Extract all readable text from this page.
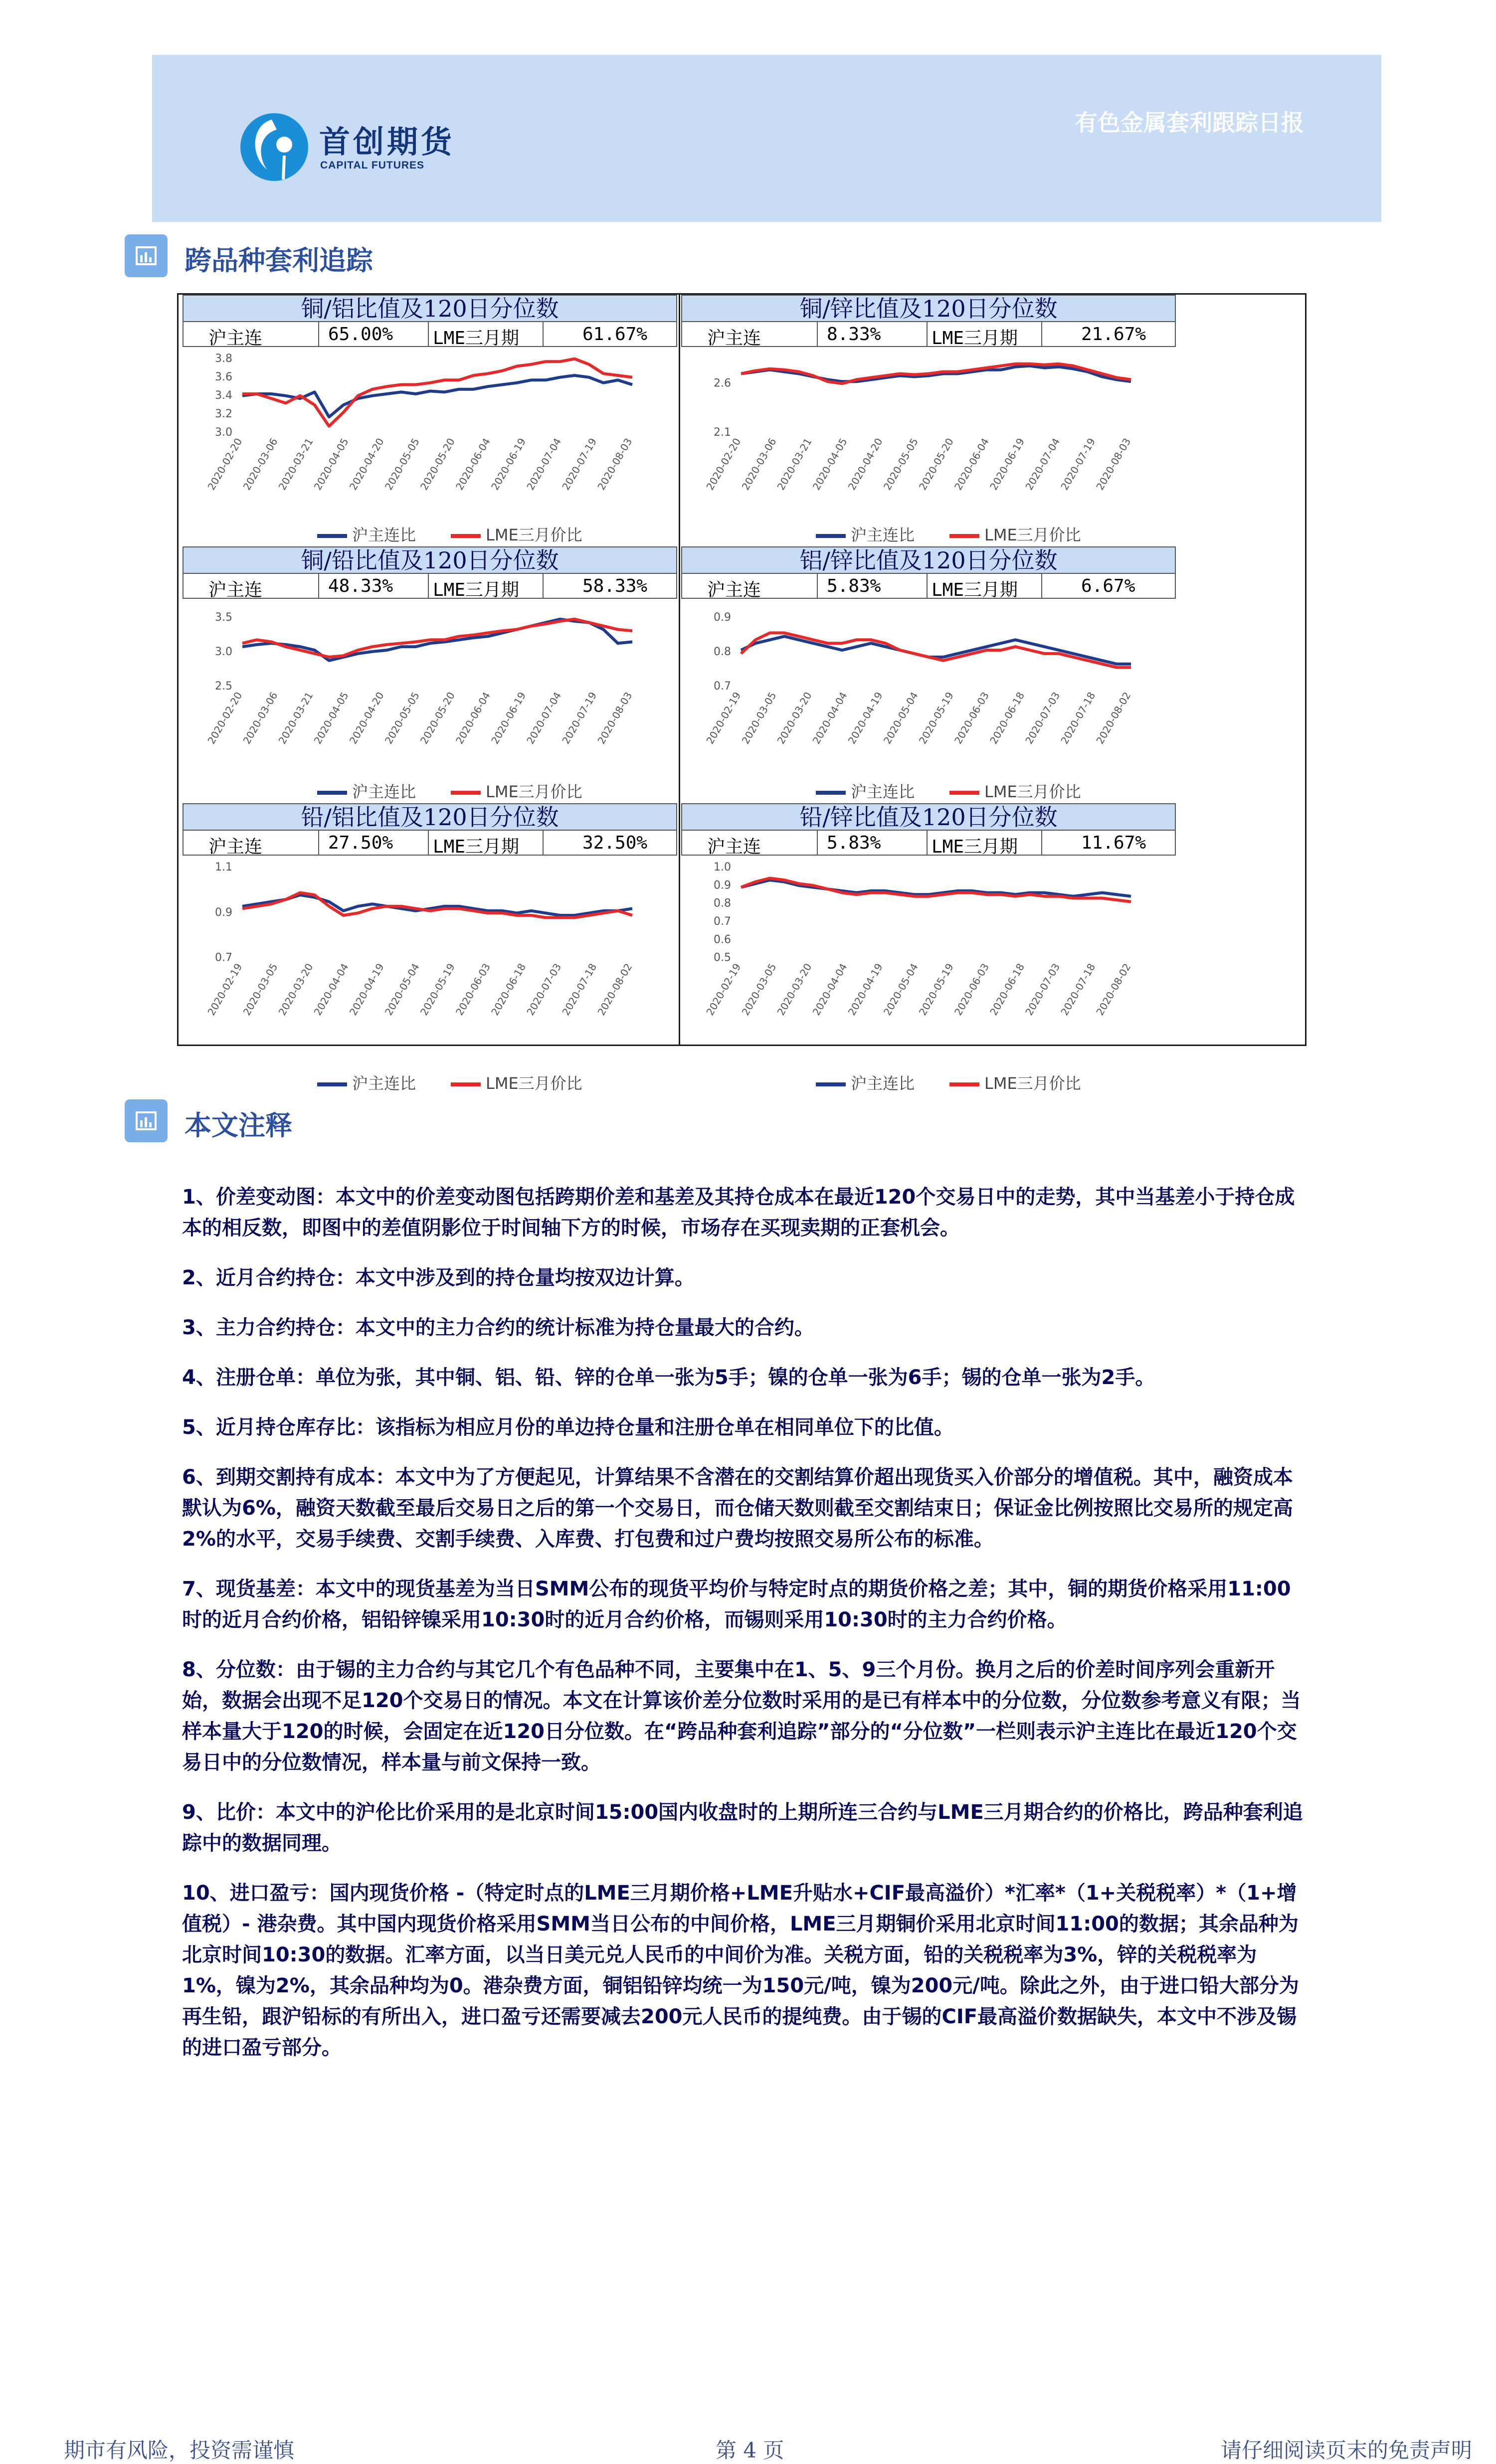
首创期货
CAPITAL FUTURES
有色金属套利跟踪日报
跨品种套利追踪
铜/铝比值及120日分位数
沪主连	65.00% LME三月期	61.67%
3.8
3.6
3.4
3.2
3.0
2020-02-20
2020-03-06
2020-03-21
2020-04-05
2020-04-20
2020-05-05
2020-05-20
2020-06-04
2020-06-19
2020-07-04
2020-07-19
2020-08-03
沪主连比	LME三月价比
铜/锌比值及120日分位数
沪主连	8.33%	LME三月期	21.67%
2.6
2.1
2020-02-20
2020-03-06
2020-03-21
2020-04-05
2020-04-20
2020-05-05
2020-05-20
2020-06-04
2020-06-19
2020-07-04
2020-07-19
2020-08-03
沪主连比	LME三月价比
铜/铅比值及120日分位数
沪主连	48.33% LME三月期	58.33%
3.5
3.0
2.5
2020-02-20
2020-03-06
2020-03-21
2020-04-05
2020-04-20
2020-05-05
2020-05-20
2020-06-04
2020-06-19
2020-07-04
2020-07-19
2020-08-03
沪主连比	LME三月价比
铝/锌比值及120日分位数
沪主连	5.83%	LME三月期	6.67%
0.9
0.8
0.7
2020-02-19
2020-03-05
2020-03-20
2020-04-04
2020-04-19
2020-05-04
2020-05-19
2020-06-03
2020-06-18
2020-07-03
2020-07-18
2020-08-02
沪主连比	LME三月价比
铅/铝比值及120日分位数
沪主连	27.50% LME三月期	32.50%
1.1
0.9
0.7
2020-02-19
2020-03-05
2020-03-20
2020-04-04
2020-04-19
2020-05-04
2020-05-19
2020-06-03
2020-06-18
2020-07-03
2020-07-18
2020-08-02
沪主连比	LME三月价比
铅/锌比值及120日分位数
沪主连	5.83%	LME三月期	11.67%
1.0
0.9
0.8
0.7
0.6
0.5
2020-02-19
2020-03-05
2020-03-20
2020-04-04
2020-04-19
2020-05-04
2020-05-19
2020-06-03
2020-06-18
2020-07-03
2020-07-18
2020-08-02
沪主连比	LME三月价比
本文注释

1、价差变动图：本文中的价差变动图包括跨期价差和基差及其持仓成本在最近120个交易日中的走势，其中当基差小于持仓成本的相反数，即图中的差值阴影位于时间轴下方的时候，市场存在买现卖期的正套机会。

2、近月合约持仓：本文中涉及到的持仓量均按双边计算。

3、主力合约持仓：本文中的主力合约的统计标准为持仓量最大的合约。

4、注册仓单：单位为张，其中铜、铝、铅、锌的仓单一张为5手；镍的仓单一张为6手；锡的仓单一张为2手。

5、近月持仓库存比：该指标为相应月份的单边持仓量和注册仓单在相同单位下的比值。

6、到期交割持有成本：本文中为了方便起见，计算结果不含潜在的交割结算价超出现货买入价部分的增值税。其中，融资成本默认为6%，融资天数截至最后交易日之后的第一个交易日，而仓储天数则截至交割结束日；保证金比例按照比交易所的规定高2%的水平，交易手续费、交割手续费、入库费、打包费和过户费均按照交易所公布的标准。

7、现货基差：本文中的现货基差为当日SMM公布的现货平均价与特定时点的期货价格之差；其中，铜的期货价格采用11:00时的近月合约价格，铝铅锌镍采用10:30时的近月合约价格，而锡则采用10:30时的主力合约价格。

8、分位数：由于锡的主力合约与其它几个有色品种不同，主要集中在1、5、9三个月份。换月之后的价差时间序列会重新开始，数据会出现不足120个交易日的情况。本文在计算该价差分位数时采用的是已有样本中的分位数，分位数参考意义有限；当样本量大于120的时候，会固定在近120日分位数。在“跨品种套利追踪”部分的“分位数”一栏则表示沪主连比在最近120个交易日中的分位数情况，样本量与前文保持一致。

9、比价：本文中的沪伦比价采用的是北京时间15:00国内收盘时的上期所连三合约与LME三月期合约的价格比，跨品种套利追踪中的数据同理。

10、进口盈亏：国内现货价格 -（特定时点的LME三月期价格+LME升贴水+CIF最高溢价）*汇率*（1+关税税率）*（1+增值税）- 港杂费。其中国内现货价格采用SMM当日公布的中间价格，LME三月期铜价采用北京时间11:00的数据；其余品种为北京时间10:30的数据。汇率方面，以当日美元兑人民币的中间价为准。关税方面，铅的关税税率为3%，锌的关税税率为1%，镍为2%，其余品种均为0。港杂费方面，铜铝铅锌均统一为150元/吨，镍为200元/吨。除此之外，由于进口铅大部分为再生铅，跟沪铅标的有所出入，进口盈亏还需要减去200元人民币的提纯费。由于锡的CIF最高溢价数据缺失，本文中不涉及锡的进口盈亏部分。

期市有风险，投资需谨慎	第 4 页	请仔细阅读页末的免责声明
